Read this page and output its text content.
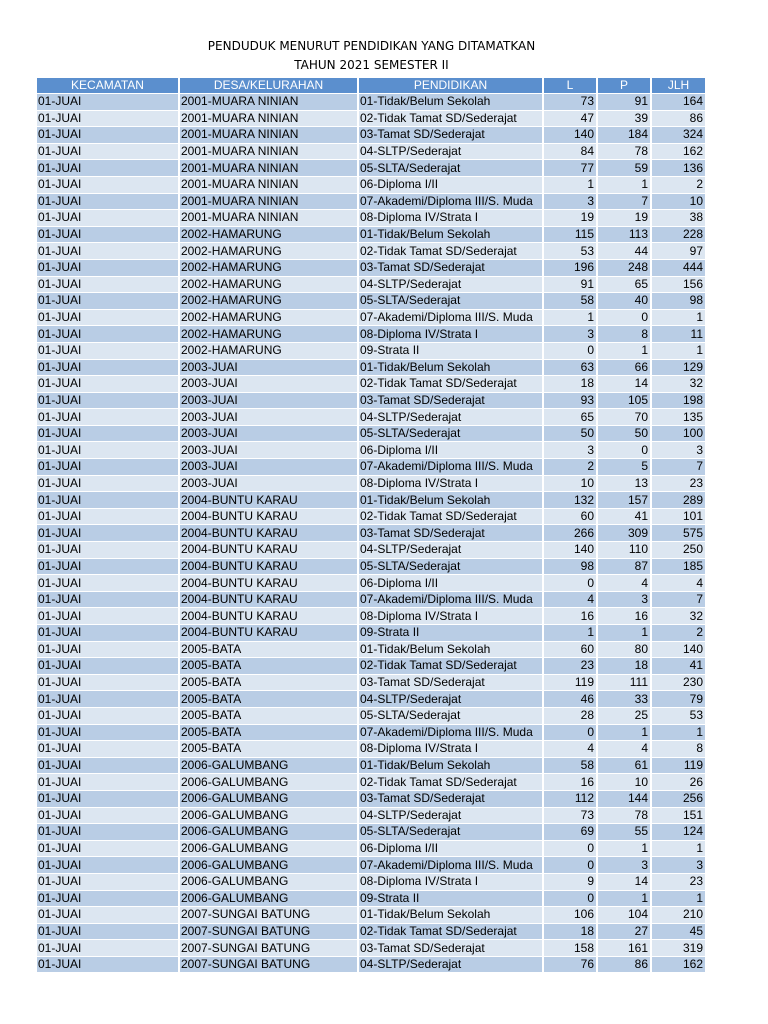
PENDUDUK MENURUT PENDIDIKAN YANG DITAMATKAN
TAHUN 2021 SEMESTER II
KECAMATAN	DESA/KELURAHAN	PENDIDIKAN	L	P	JLH
01-JUAI	2001-MUARA NINIAN	01-Tidak/Belum Sekolah	73	91	164
01-JUAI	2001-MUARA NINIAN	02-Tidak Tamat SD/Sederajat	47	39	86
01-JUAI	2001-MUARA NINIAN	03-Tamat SD/Sederajat	140	184	324
01-JUAI	2001-MUARA NINIAN	04-SLTP/Sederajat	84	78	162
01-JUAI	2001-MUARA NINIAN	05-SLTA/Sederajat	77	59	136
01-JUAI	2001-MUARA NINIAN	06-Diploma I/II	1	1	2
01-JUAI	2001-MUARA NINIAN	07-Akademi/Diploma III/S. Muda	3	7	10
01-JUAI	2001-MUARA NINIAN	08-Diploma IV/Strata I	19	19	38
01-JUAI	2002-HAMARUNG	01-Tidak/Belum Sekolah	115	113	228
01-JUAI	2002-HAMARUNG	02-Tidak Tamat SD/Sederajat	53	44	97
01-JUAI	2002-HAMARUNG	03-Tamat SD/Sederajat	196	248	444
01-JUAI	2002-HAMARUNG	04-SLTP/Sederajat	91	65	156
01-JUAI	2002-HAMARUNG	05-SLTA/Sederajat	58	40	98
01-JUAI	2002-HAMARUNG	07-Akademi/Diploma III/S. Muda	1	0	1
01-JUAI	2002-HAMARUNG	08-Diploma IV/Strata I	3	8	11
01-JUAI	2002-HAMARUNG	09-Strata II	0	1	1
01-JUAI	2003-JUAI	01-Tidak/Belum Sekolah	63	66	129
01-JUAI	2003-JUAI	02-Tidak Tamat SD/Sederajat	18	14	32
01-JUAI	2003-JUAI	03-Tamat SD/Sederajat	93	105	198
01-JUAI	2003-JUAI	04-SLTP/Sederajat	65	70	135
01-JUAI	2003-JUAI	05-SLTA/Sederajat	50	50	100
01-JUAI	2003-JUAI	06-Diploma I/II	3	0	3
01-JUAI	2003-JUAI	07-Akademi/Diploma III/S. Muda	2	5	7
01-JUAI	2003-JUAI	08-Diploma IV/Strata I	10	13	23
01-JUAI	2004-BUNTU KARAU	01-Tidak/Belum Sekolah	132	157	289
01-JUAI	2004-BUNTU KARAU	02-Tidak Tamat SD/Sederajat	60	41	101
01-JUAI	2004-BUNTU KARAU	03-Tamat SD/Sederajat	266	309	575
01-JUAI	2004-BUNTU KARAU	04-SLTP/Sederajat	140	110	250
01-JUAI	2004-BUNTU KARAU	05-SLTA/Sederajat	98	87	185
01-JUAI	2004-BUNTU KARAU	06-Diploma I/II	0	4	4
01-JUAI	2004-BUNTU KARAU	07-Akademi/Diploma III/S. Muda	4	3	7
01-JUAI	2004-BUNTU KARAU	08-Diploma IV/Strata I	16	16	32
01-JUAI	2004-BUNTU KARAU	09-Strata II	1	1	2
01-JUAI	2005-BATA	01-Tidak/Belum Sekolah	60	80	140
01-JUAI	2005-BATA	02-Tidak Tamat SD/Sederajat	23	18	41
01-JUAI	2005-BATA	03-Tamat SD/Sederajat	119	111	230
01-JUAI	2005-BATA	04-SLTP/Sederajat	46	33	79
01-JUAI	2005-BATA	05-SLTA/Sederajat	28	25	53
01-JUAI	2005-BATA	07-Akademi/Diploma III/S. Muda	0	1	1
01-JUAI	2005-BATA	08-Diploma IV/Strata I	4	4	8
01-JUAI	2006-GALUMBANG	01-Tidak/Belum Sekolah	58	61	119
01-JUAI	2006-GALUMBANG	02-Tidak Tamat SD/Sederajat	16	10	26
01-JUAI	2006-GALUMBANG	03-Tamat SD/Sederajat	112	144	256
01-JUAI	2006-GALUMBANG	04-SLTP/Sederajat	73	78	151
01-JUAI	2006-GALUMBANG	05-SLTA/Sederajat	69	55	124
01-JUAI	2006-GALUMBANG	06-Diploma I/II	0	1	1
01-JUAI	2006-GALUMBANG	07-Akademi/Diploma III/S. Muda	0	3	3
01-JUAI	2006-GALUMBANG	08-Diploma IV/Strata I	9	14	23
01-JUAI	2006-GALUMBANG	09-Strata II	0	1	1
01-JUAI	2007-SUNGAI BATUNG	01-Tidak/Belum Sekolah	106	104	210
01-JUAI	2007-SUNGAI BATUNG	02-Tidak Tamat SD/Sederajat	18	27	45
01-JUAI	2007-SUNGAI BATUNG	03-Tamat SD/Sederajat	158	161	319
01-JUAI	2007-SUNGAI BATUNG	04-SLTP/Sederajat	76	86	162
